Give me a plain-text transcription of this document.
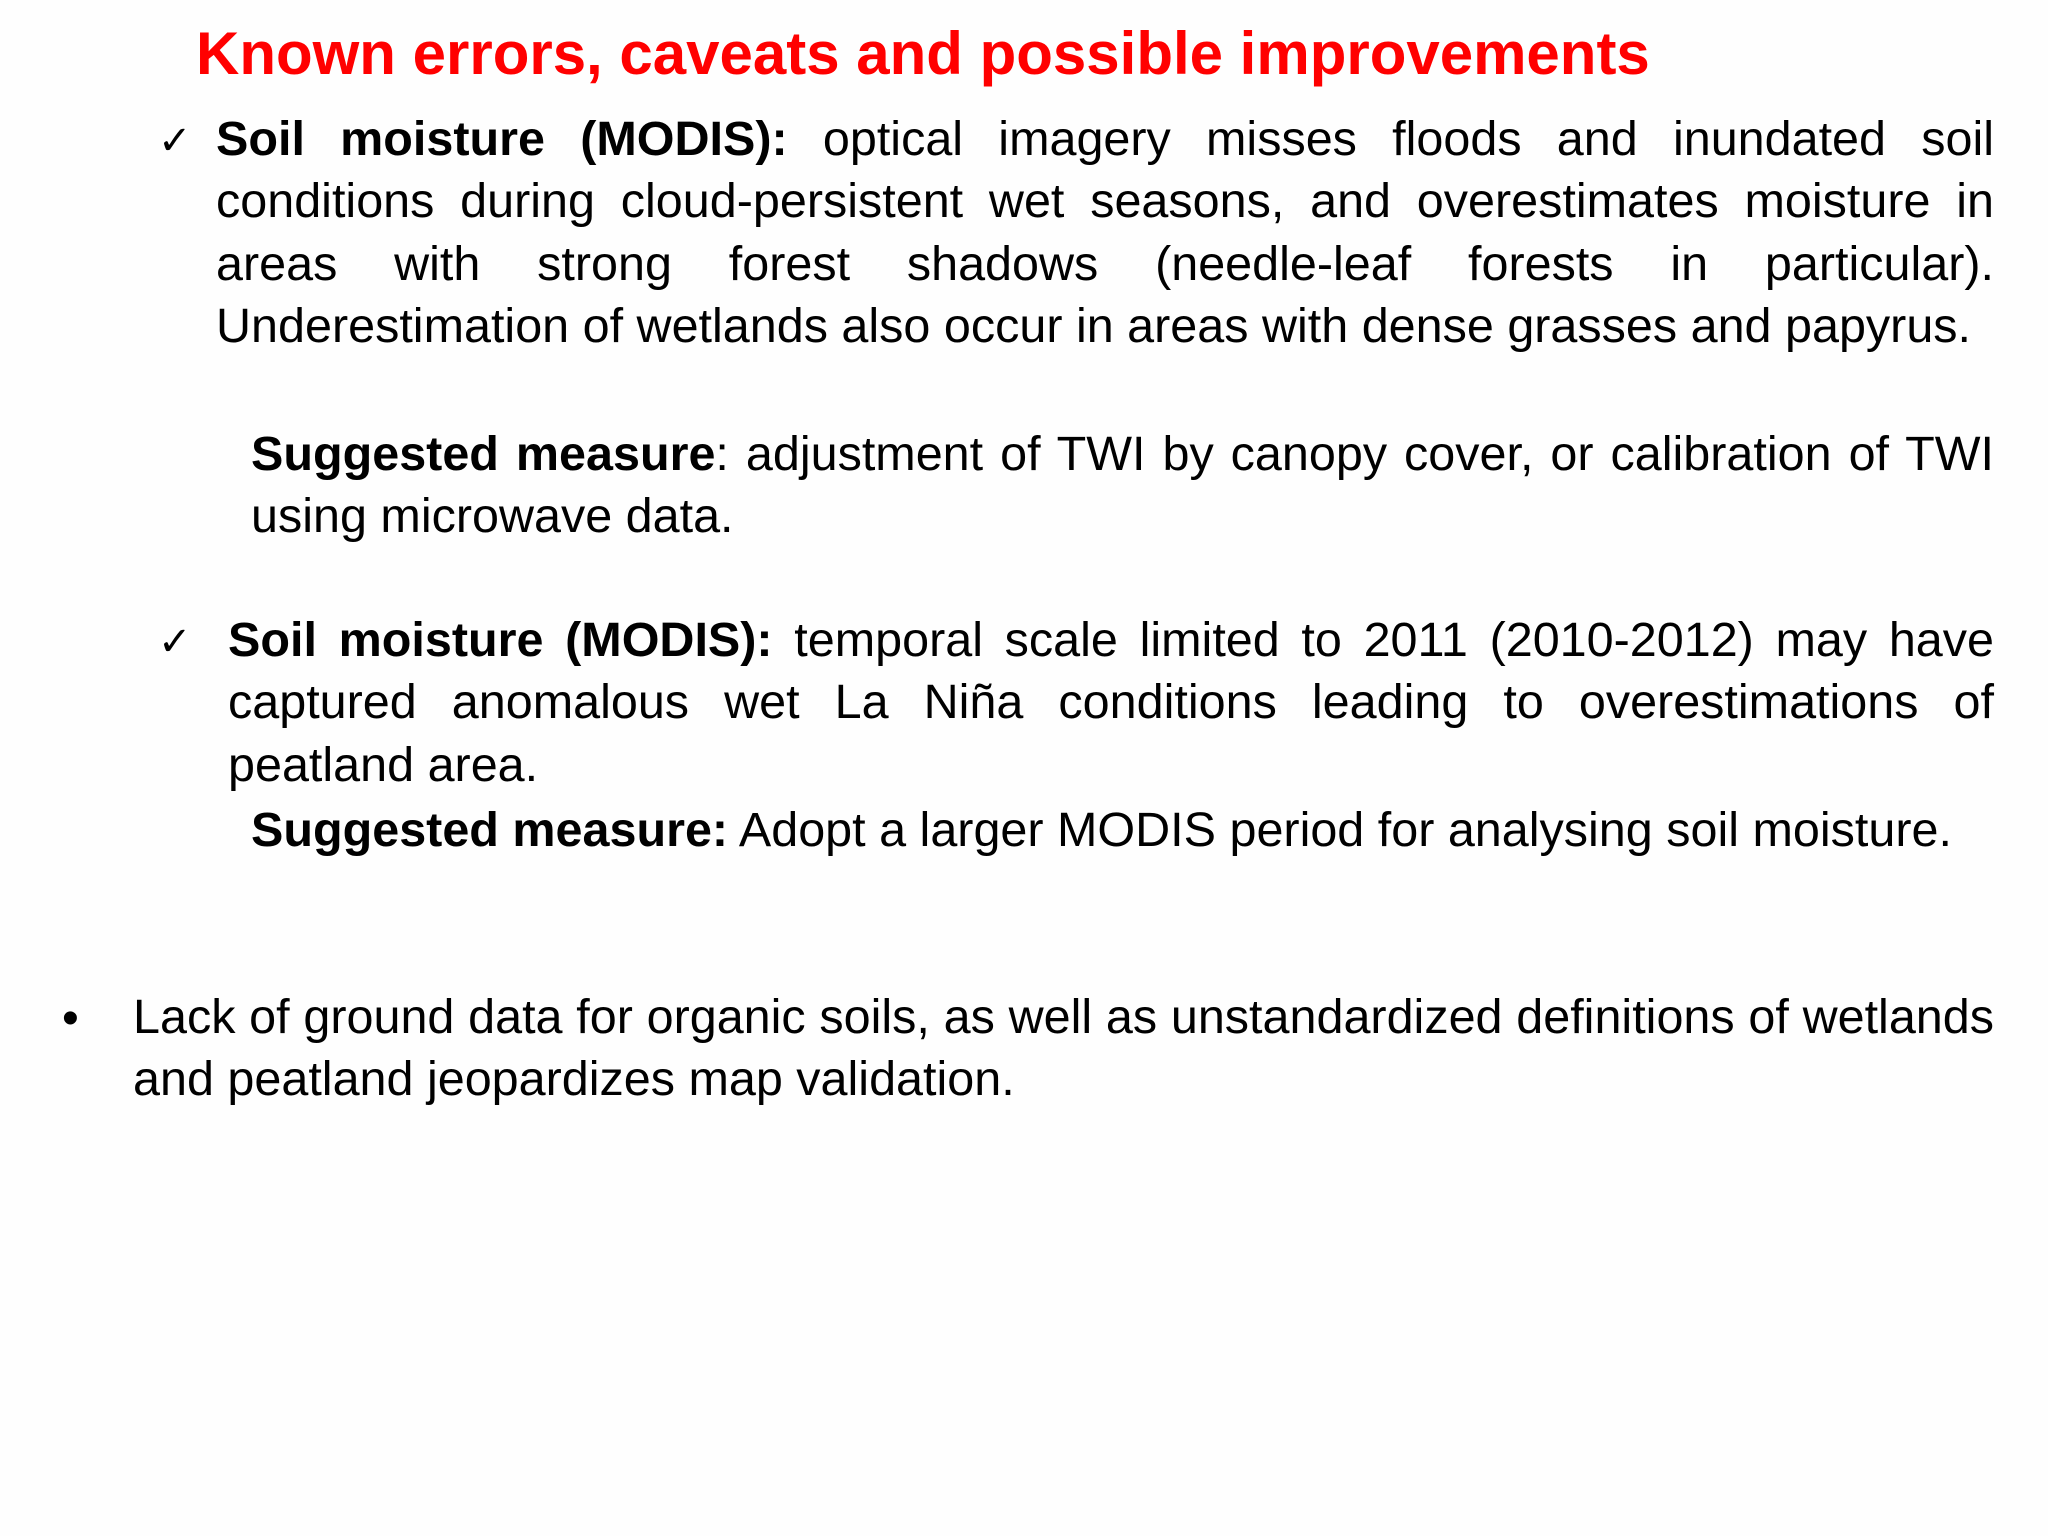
Known errors, caveats and possible improvements
✓ Soil moisture (MODIS): optical imagery misses floods and inundated soil conditions during cloud-persistent wet seasons, and overestimates moisture in areas with strong forest shadows (needle-leaf forests in particular). Underestimation of wetlands also occur in areas with dense grasses and papyrus.
Suggested measure: adjustment of TWI by canopy cover, or calibration of TWI using microwave data.
✓ Soil moisture (MODIS): temporal scale limited to 2011 (2010-2012) may have captured anomalous wet La Niña conditions leading to overestimations of peatland area.
Suggested measure: Adopt a larger MODIS period for analysing soil moisture.
• Lack of ground data for organic soils, as well as unstandardized definitions of wetlands and peatland jeopardizes map validation.
